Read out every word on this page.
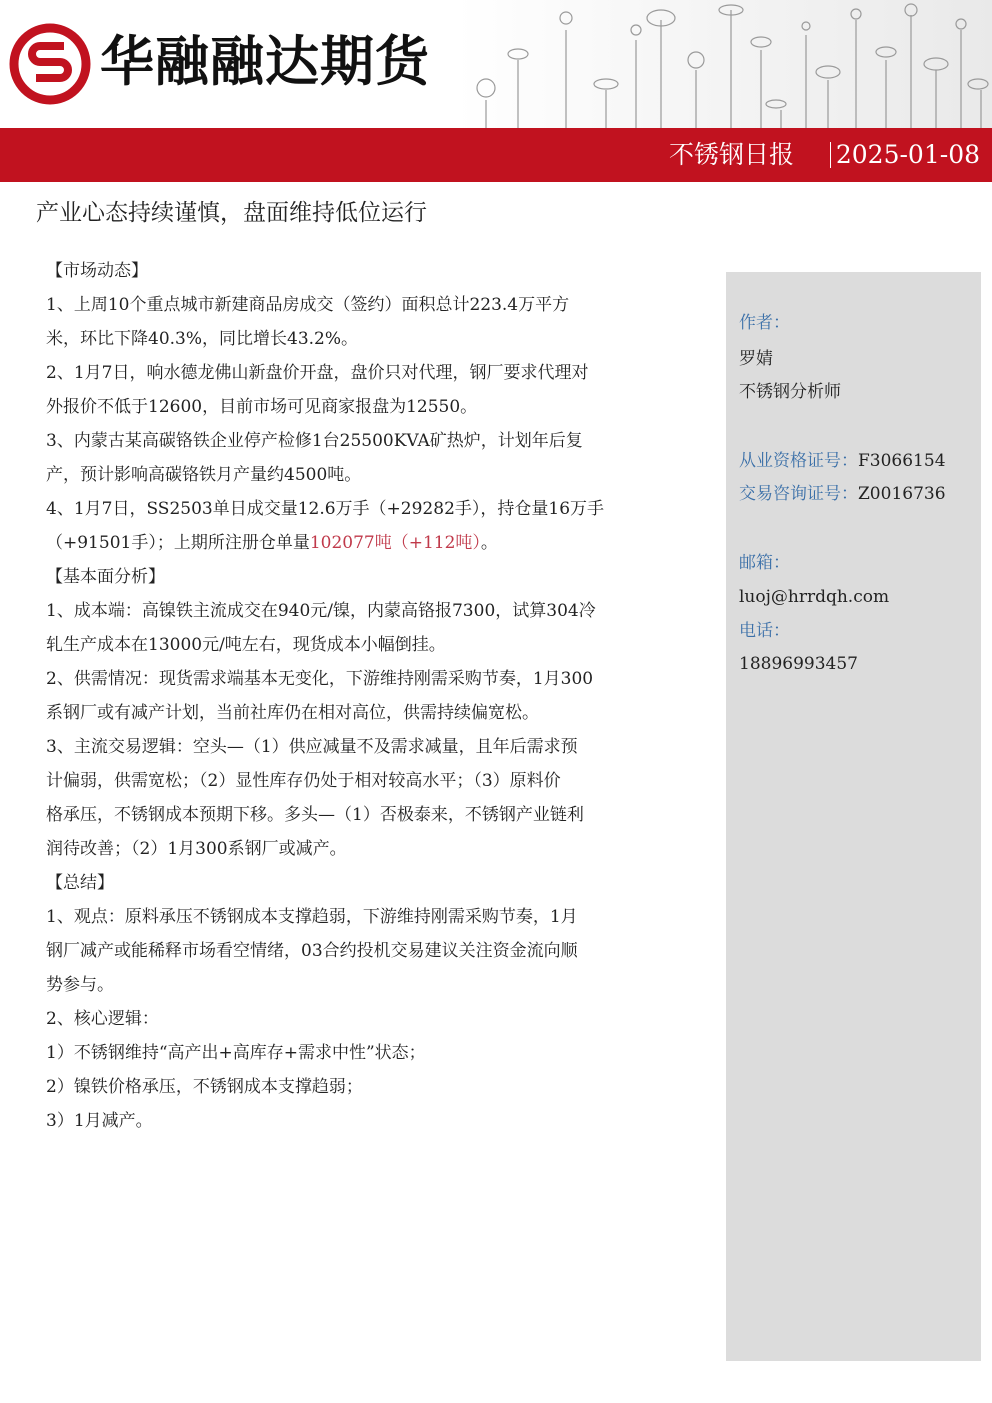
华融融达期货
不锈钢日报 2025-01-08
产业心态持续谨慎，盘面维持低位运行

【市场动态】

1、上周10个重点城市新建商品房成交（签约）面积总计223.4万平方

米，环比下降40.3%，同比增长43.2%。

2、1月7日，响水德龙佛山新盘价开盘，盘价只对代理，钢厂要求代理对

外报价不低于12600，目前市场可见商家报盘为12550。

3、内蒙古某高碳铬铁企业停产检修1台25500KVA矿热炉，计划年后复

产，预计影响高碳铬铁月产量约4500吨。

4、1月7日，SS2503单日成交量12.6万手（+29282手），持仓量16万手

（+91501手）；上期所注册仓单量102077吨（+112吨）。

【基本面分析】

1、成本端：高镍铁主流成交在940元/镍，内蒙高铬报7300，试算304冷

轧生产成本在13000元/吨左右，现货成本小幅倒挂。

2、供需情况：现货需求端基本无变化，下游维持刚需采购节奏，1月300

系钢厂或有减产计划，当前社库仍在相对高位，供需持续偏宽松。

3、主流交易逻辑：空头—（1）供应减量不及需求减量，且年后需求预

计偏弱，供需宽松；（2）显性库存仍处于相对较高水平；（3）原料价

格承压，不锈钢成本预期下移。多头—（1）否极泰来，不锈钢产业链利

润待改善；（2）1月300系钢厂或减产。

【总结】

1、观点：原料承压不锈钢成本支撑趋弱，下游维持刚需采购节奏，1月

钢厂减产或能稀释市场看空情绪，03合约投机交易建议关注资金流向顺

势参与。

2、核心逻辑：

1）不锈钢维持“高产出+高库存+需求中性”状态；

2）镍铁价格承压，不锈钢成本支撑趋弱；

3）1月减产。

作者：
罗婧
不锈钢分析师
从业资格证号：F3066154
交易咨询证号：Z0016736
邮箱：
luoj@hrrdqh.com
电话：
18896993457
